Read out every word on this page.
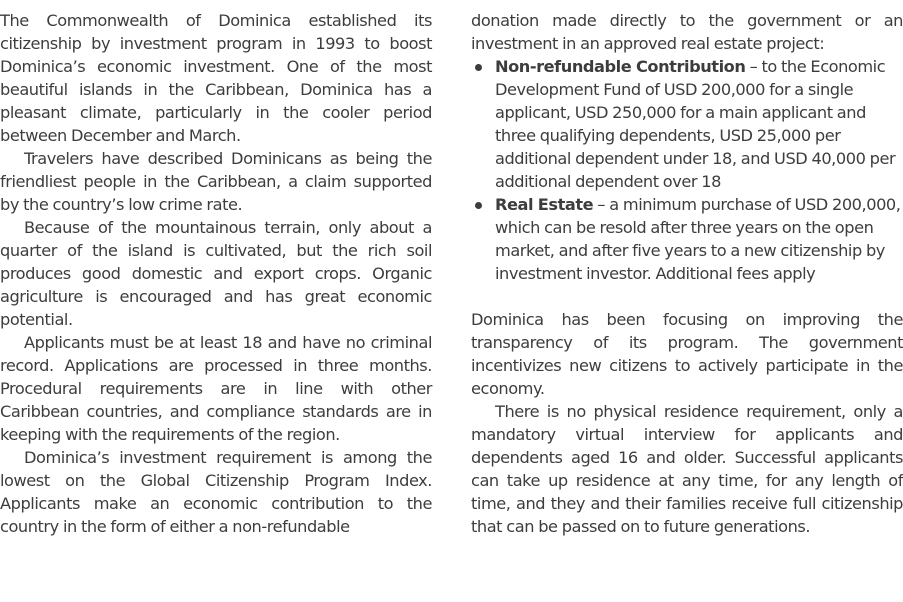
The Commonwealth of Dominica established its citizenship by investment program in 1993 to boost Dominica’s economic investment. One of the most beautiful islands in the Caribbean, Dominica has a pleasant climate, particularly in the cooler period between December and March.

Travelers have described Dominicans as being the friendliest people in the Caribbean, a claim supported by the country’s low crime rate.

Because of the mountainous terrain, only about a quarter of the island is cultivated, but the rich soil produces good domestic and export crops. Organic agriculture is encouraged and has great economic potential.

Applicants must be at least 18 and have no criminal record. Applications are processed in three months. Procedural requirements are in line with other Caribbean countries, and compliance standards are in keeping with the requirements of the region.

Dominica’s investment requirement is among the lowest on the Global Citizenship Program Index. Applicants make an economic contribution to the country in the form of either a non-refundable

donation made directly to the government or an investment in an approved real estate project:

Non-refundable Contribution – to the Economic Development Fund of USD 200,000 for a single applicant, USD 250,000 for a main applicant and three qualifying dependents, USD 25,000 per additional dependent under 18, and USD 40,000 per additional dependent over 18
Real Estate – a minimum purchase of USD 200,000, which can be resold after three years on the open market, and after five years to a new citizenship by investment investor. Additional fees apply

Dominica has been focusing on improving the transparency of its program. The government incentivizes new citizens to actively participate in the economy.

There is no physical residence requirement, only a mandatory virtual interview for applicants and dependents aged 16 and older. Successful applicants can take up residence at any time, for any length of time, and they and their families receive full citizenship that can be passed on to future generations.
